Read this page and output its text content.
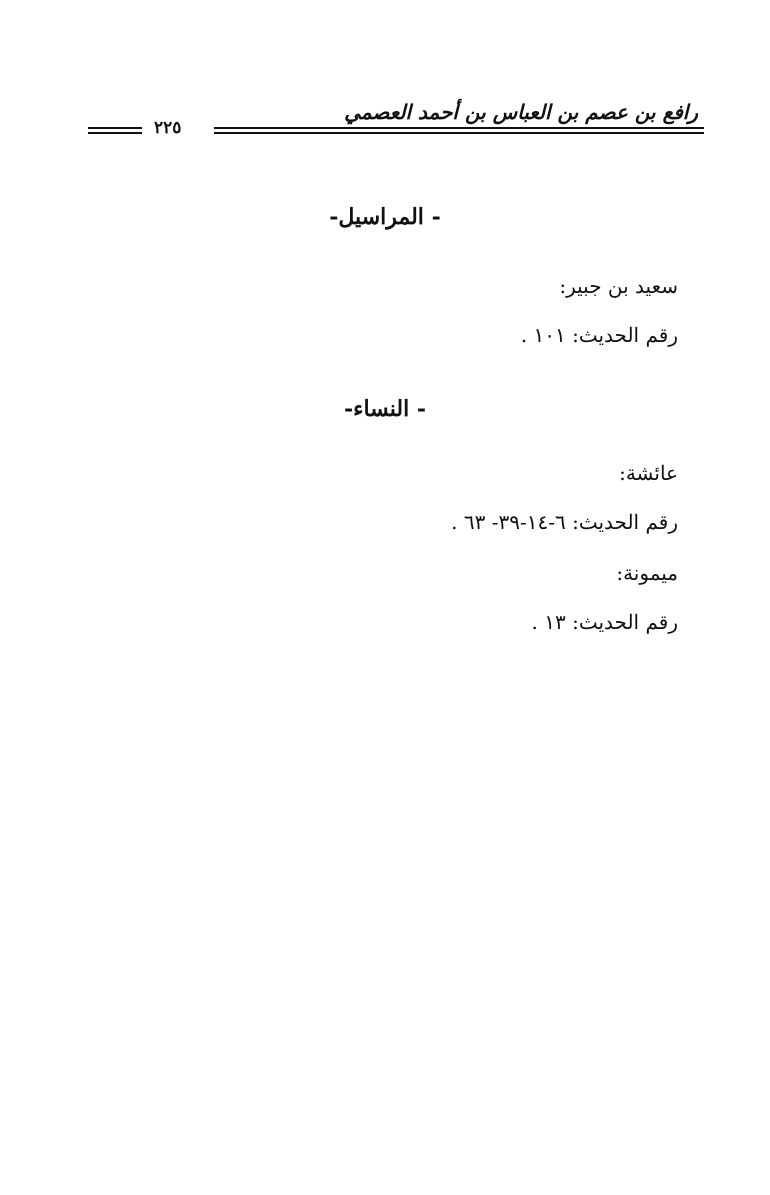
رافع بن عصم بن العباس بن أحمد العصمي
٢٢٥
- المراسيل-
سعيد بن جبير:
رقم الحديث: ١٠١ .
- النساء-
عائشة:
رقم الحديث: ٦-١٤-٣٩- ٦٣ .
ميمونة:
رقم الحديث: ١٣ .
